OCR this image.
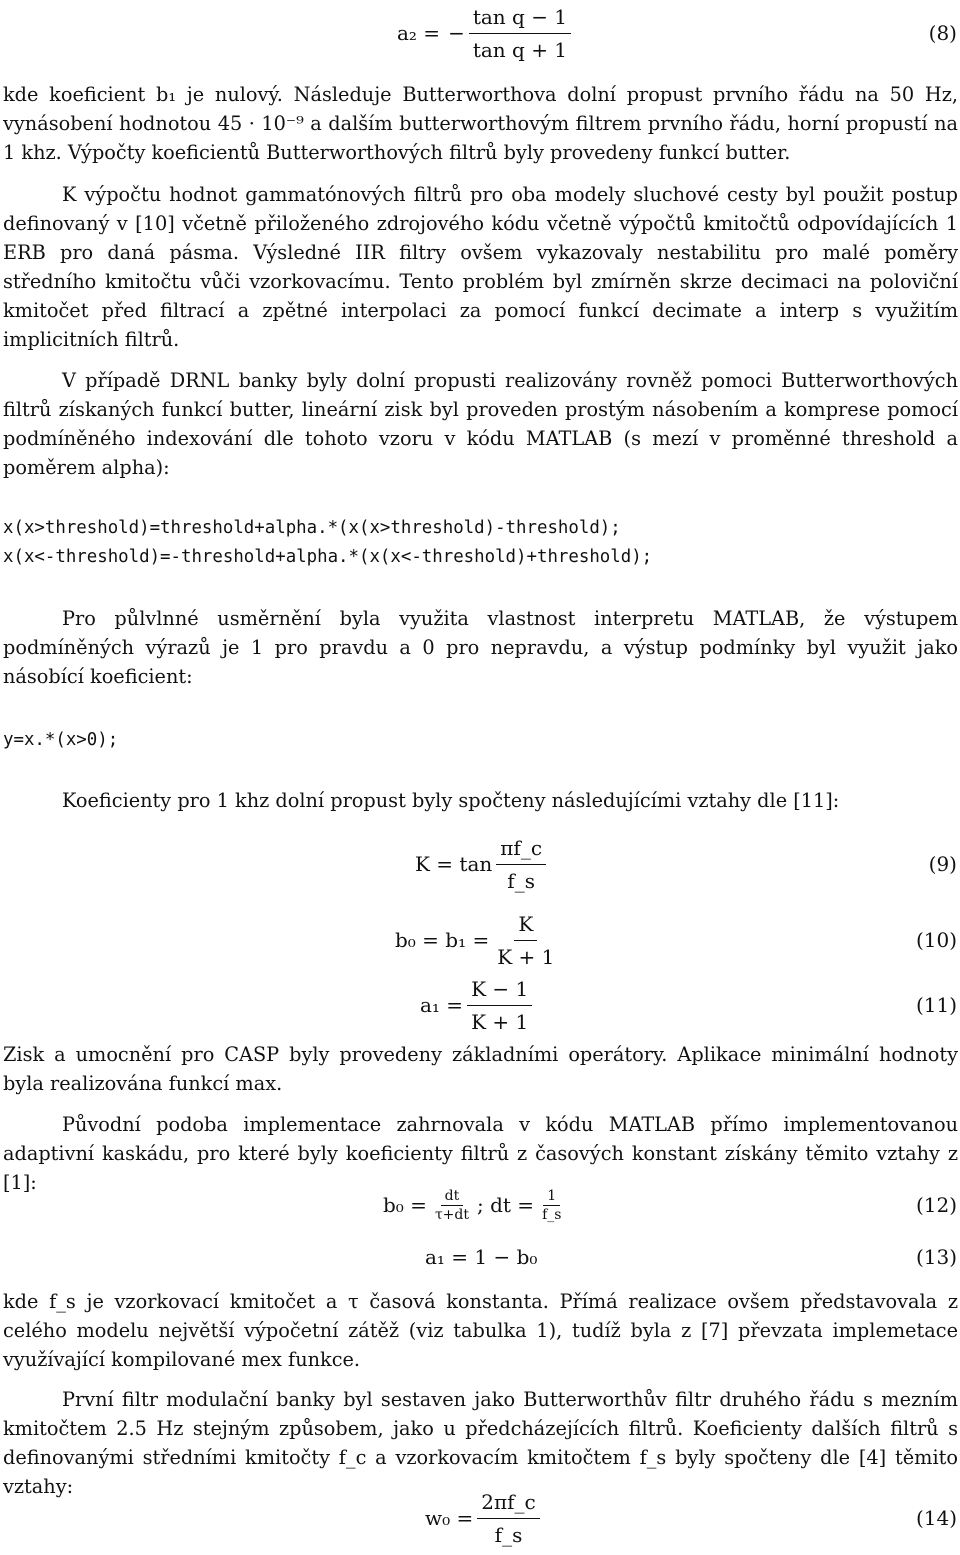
a₂ = − $\frac{\text{tan q − 1}}{\text{tan q + 1}}$	(8)

kde koeficient b₁ je nulový. Následuje Butterworthova dolní propust prvního řádu na 50 Hz, vynásobení hodnotou 45 · 10⁻⁹ a dalším butterworthovým filtrem prvního řádu, horní propustí na 1 khz. Výpočty koeficientů Butterworthových filtrů byly provedeny funkcí butter.

K výpočtu hodnot gammatónových filtrů pro oba modely sluchové cesty byl použit postup definovaný v [10] včetně přiloženého zdrojového kódu včetně výpočtů kmitočtů odpovídajících 1 ERB pro daná pásma. Výsledné IIR filtry ovšem vykazovaly nestabilitu pro malé poměry středního kmitočtu vůči vzorkovacímu. Tento problém byl zmírněn skrze decimaci na poloviční kmitočet před filtrací a zpětné interpolaci za pomocí funkcí decimate a interp s využitím implicitních filtrů.

V případě DRNL banky byly dolní propusti realizovány rovněž pomoci Butterworthových filtrů získaných funkcí butter, lineární zisk byl proveden prostým násobením a komprese pomocí podmíněného indexování dle tohoto vzoru v kódu MATLAB (s mezí v proměnné threshold a poměrem alpha):

x(x>threshold)=threshold+alpha.*(x(x>threshold)-threshold);
x(x<-threshold)=-threshold+alpha.*(x(x<-threshold)+threshold);

Pro půlvlnné usměrnění byla využita vlastnost interpretu MATLAB, že výstupem podmíněných výrazů je 1 pro pravdu a 0 pro nepravdu, a výstup podmínky byl využit jako násobící koeficient:

y=x.*(x>0);

Koeficienty pro 1 khz dolní propust byly spočteny následujícími vztahy dle [11]:

$K = \tan \frac{\pi f\_c}{f\_s}$	(9)
$b_0 = b_1 = \frac{K}{K + 1}$	(10)
$a_1 = \frac{K - 1}{K + 1}$	(11)

Zisk a umocnění pro CASP byly provedeny základními operátory. Aplikace minimální hodnoty byla realizována funkcí max.

Původní podoba implementace zahrnovala v kódu MATLAB přímo implementovanou adaptivní kaskádu, pro které byly koeficienty filtrů z časových konstant získány těmito vztahy z [1]:

$b_0 = \frac{dt}{\tau+dt}$ ; dt = $\frac{1}{f\_s}$	(12)
a₁ = 1 − b₀	(13)

kde f_s je vzorkovací kmitočet a τ časová konstanta. Přímá realizace ovšem představovala z celého modelu největší výpočetní zátěž (viz tabulka 1), tudíž byla z [7] převzata implemetace využívající kompilované mex funkce.

První filtr modulační banky byl sestaven jako Butterworthův filtr druhého řádu s mezním kmitočtem 2.5 Hz stejným způsobem, jako u předcházejících filtrů. Koeficienty dalších filtrů s definovanými středními kmitočty f_c a vzorkovacím kmitočtem f_s byly spočteny dle [4] těmito vztahy:

$w_0 = \frac{2\pi f\_c}{f\_s}$	(14)
